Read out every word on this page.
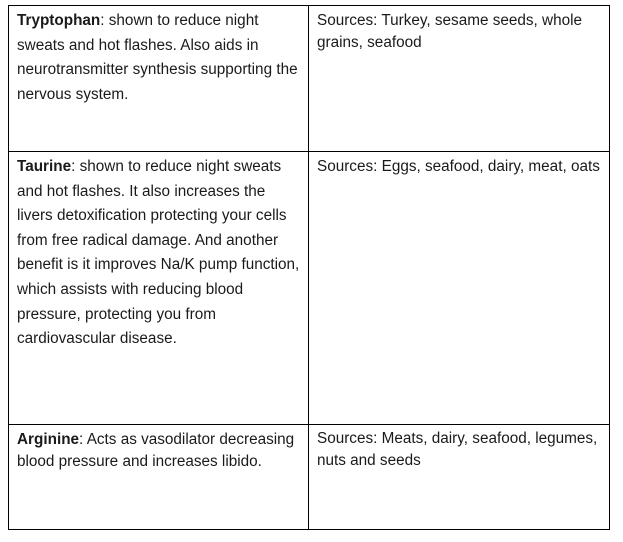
Tryptophan: shown to reduce night sweats and hot flashes. Also aids in neurotransmitter synthesis supporting the nervous system.	Sources: Turkey, sesame seeds, whole grains, seafood
Taurine: shown to reduce night sweats and hot flashes. It also increases the livers detoxification protecting your cells from free radical damage. And another benefit is it improves Na/K pump function, which assists with reducing blood pressure, protecting you from cardiovascular disease.	Sources: Eggs, seafood, dairy, meat, oats
Arginine: Acts as vasodilator decreasing blood pressure and increases libido.	Sources: Meats, dairy, seafood, legumes, nuts and seeds
